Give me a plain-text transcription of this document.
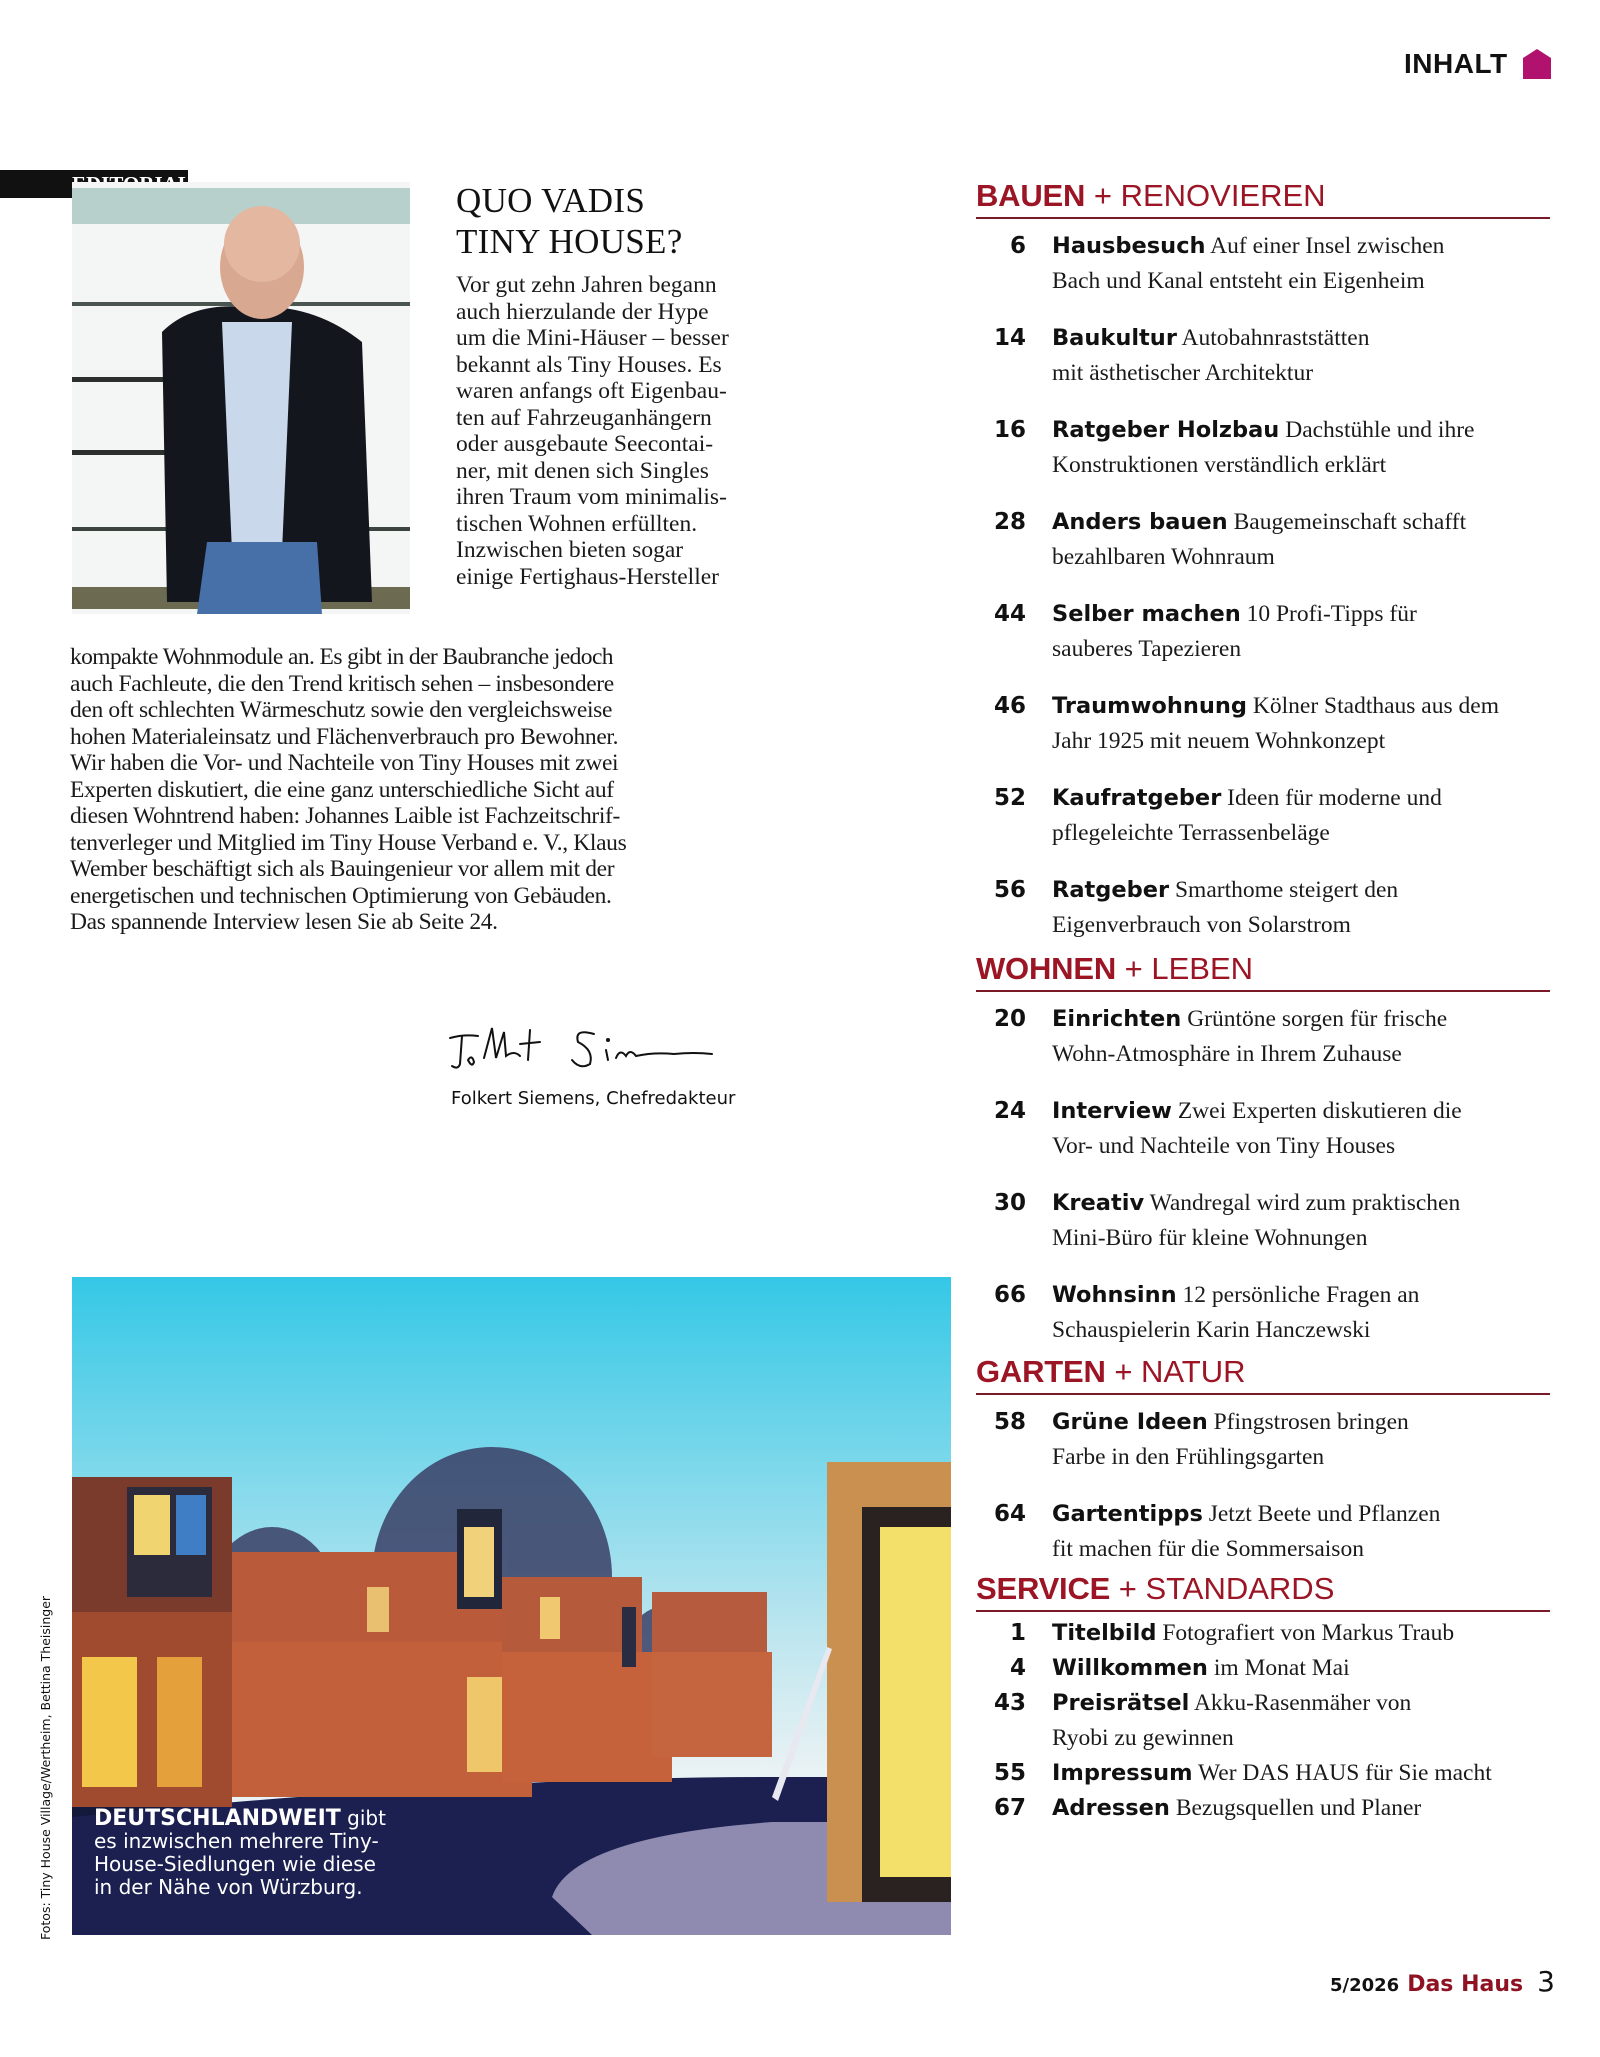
INHALT
QUO VADIS
TINY HOUSE?
Vor gut zehn Jahren begann
auch hierzulande der Hype
um die Mini-Häuser – besser
bekannt als Tiny Houses. Es
waren anfangs oft Eigenbau-
ten auf Fahrzeuganhängern
oder ausgebaute Seecontai-
ner, mit denen sich Singles
ihren Traum vom minimalis-
tischen Wohnen erfüllten.
Inzwischen bieten sogar
einige Fertighaus-Hersteller
kompakte Wohnmodule an. Es gibt in der Baubranche jedoch
auch Fachleute, die den Trend kritisch sehen – insbesondere
den oft schlechten Wärmeschutz sowie den vergleichsweise
hohen Materialeinsatz und Flächenverbrauch pro Bewohner.
Wir haben die Vor- und Nachteile von Tiny Houses mit zwei
Experten diskutiert, die eine ganz unterschiedliche Sicht auf
diesen Wohntrend haben: Johannes Laible ist Fachzeitschrif-
tenverleger und Mitglied im Tiny House Verband e. V., Klaus
Wember beschäftigt sich als Bauingenieur vor allem mit der
energetischen und technischen Optimierung von Gebäuden.
Das spannende Interview lesen Sie ab Seite 24.
Folkert Siemens, Chefredakteur
DEUTSCHLANDWEIT gibt
es inzwischen mehrere Tiny-
House-Siedlungen wie diese
in der Nähe von Würzburg.
Fotos: Tiny House Village/Wertheim, Bettina Theisinger
BAUEN + RENOVIEREN
6	Hausbesuch Auf einer Insel zwischen
Bach und Kanal entsteht ein Eigenheim
14	Baukultur Autobahnraststätten
mit ästhetischer Architektur
16	Ratgeber Holzbau Dachstühle und ihre
Konstruktionen verständlich erklärt
28	Anders bauen Baugemeinschaft schafft
bezahlbaren Wohnraum
44	Selber machen 10 Profi-Tipps für
sauberes Tapezieren
46	Traumwohnung Kölner Stadthaus aus dem
Jahr 1925 mit neuem Wohnkonzept
52	Kaufratgeber Ideen für moderne und
pflegeleichte Terrassenbeläge
56	Ratgeber Smarthome steigert den
Eigenverbrauch von Solarstrom
WOHNEN + LEBEN
20	Einrichten Grüntöne sorgen für frische
Wohn-Atmosphäre in Ihrem Zuhause
24	Interview Zwei Experten diskutieren die
Vor- und Nachteile von Tiny Houses
30	Kreativ Wandregal wird zum praktischen
Mini-Büro für kleine Wohnungen
66	Wohnsinn 12 persönliche Fragen an
Schauspielerin Karin Hanczewski
GARTEN + NATUR
58	Grüne Ideen Pfingstrosen bringen
Farbe in den Frühlingsgarten
64	Gartentipps Jetzt Beete und Pflanzen
fit machen für die Sommersaison
SERVICE + STANDARDS
1	Titelbild Fotografiert von Markus Traub
4	Willkommen im Monat Mai
43	Preisrätsel Akku-Rasenmäher von
Ryobi zu gewinnen
55	Impressum Wer DAS HAUS für Sie macht
67	Adressen Bezugsquellen und Planer
5/2026 Das Haus 3
